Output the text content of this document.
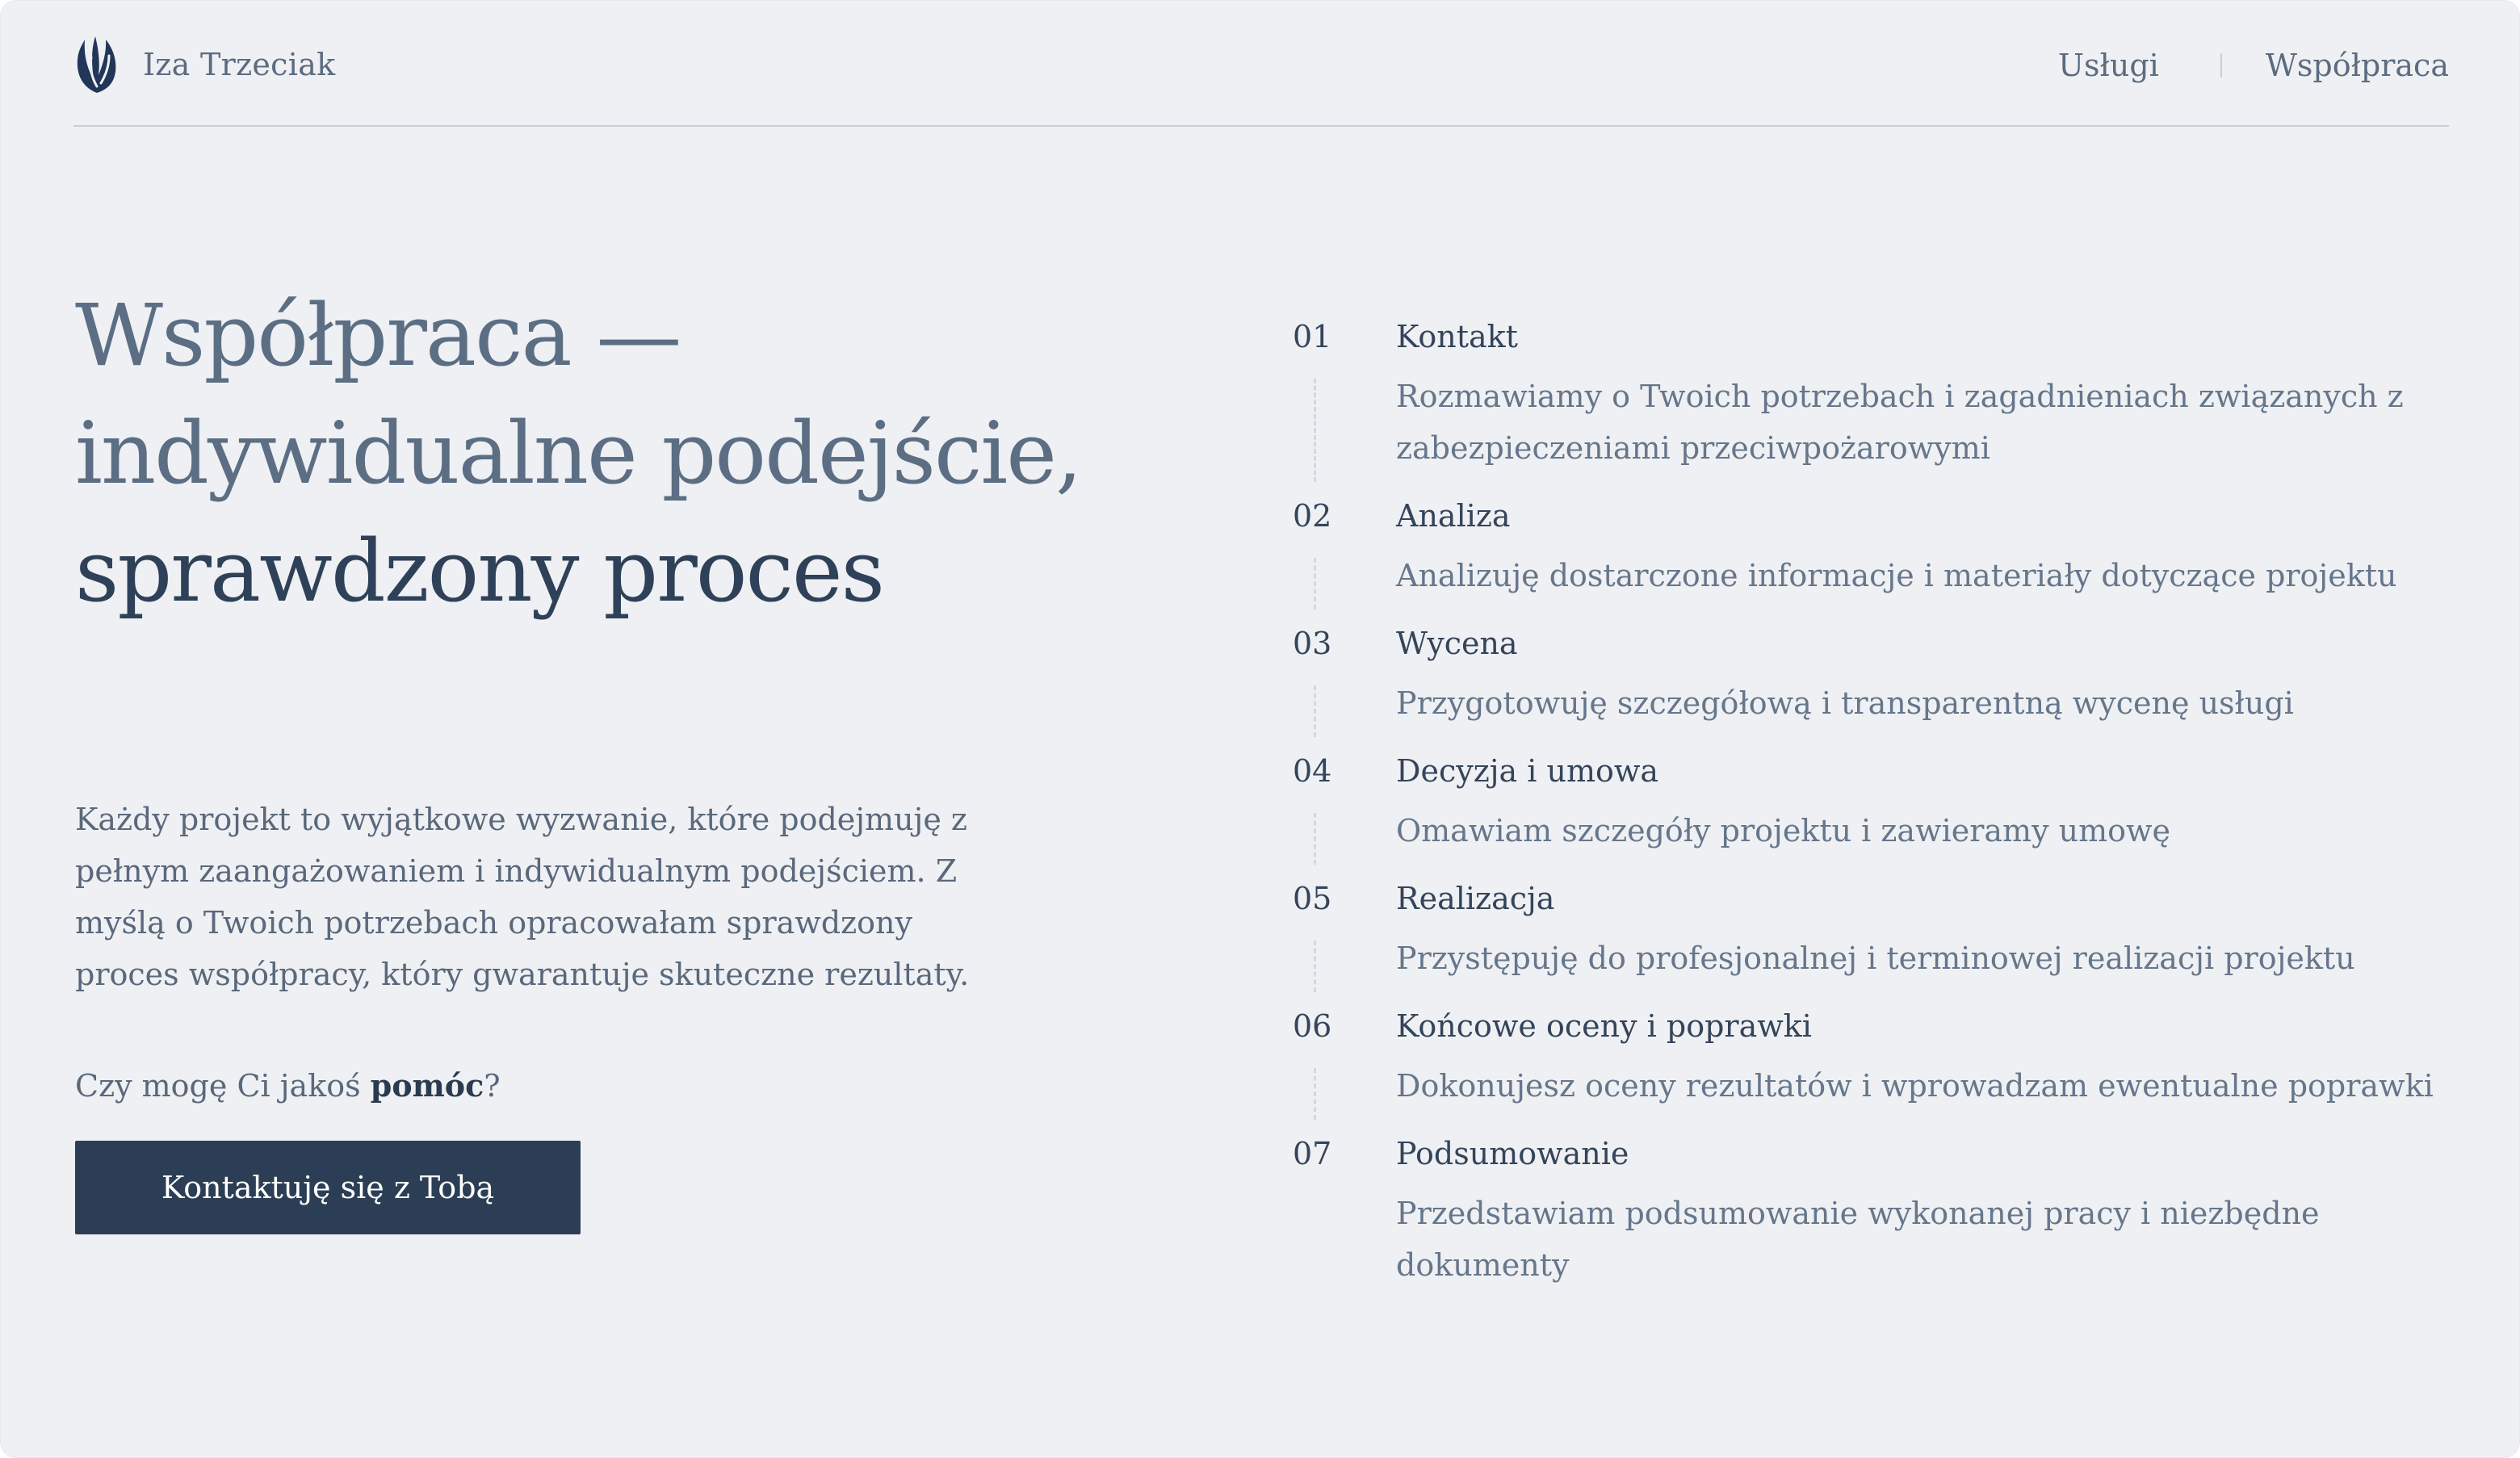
Iza Trzeciak	Usługi	Współpraca
Współpraca — indywidualne podejście, sprawdzony proces

Każdy projekt to wyjątkowe wyzwanie, które podejmuję z pełnym zaangażowaniem i indywidualnym podejściem. Z myślą o Twoich potrzebach opracowałam sprawdzony proces współpracy, który gwarantuje skuteczne rezultaty.

Czy mogę Ci jakoś pomóc?

Kontaktuję się z Tobą
01	Kontakt
Rozmawiamy o Twoich potrzebach i zagadnieniach związanych z zabezpieczeniami przeciwpożarowymi
02	Analiza
Analizuję dostarczone informacje i materiały dotyczące projektu
03	Wycena
Przygotowuję szczegółową i transparentną wycenę usługi
04	Decyzja i umowa
Omawiam szczegóły projektu i zawieramy umowę
05	Realizacja
Przystępuję do profesjonalnej i terminowej realizacji projektu
06	Końcowe oceny i poprawki
Dokonujesz oceny rezultatów i wprowadzam ewentualne poprawki
07	Podsumowanie
Przedstawiam podsumowanie wykonanej pracy i niezbędne dokumenty
